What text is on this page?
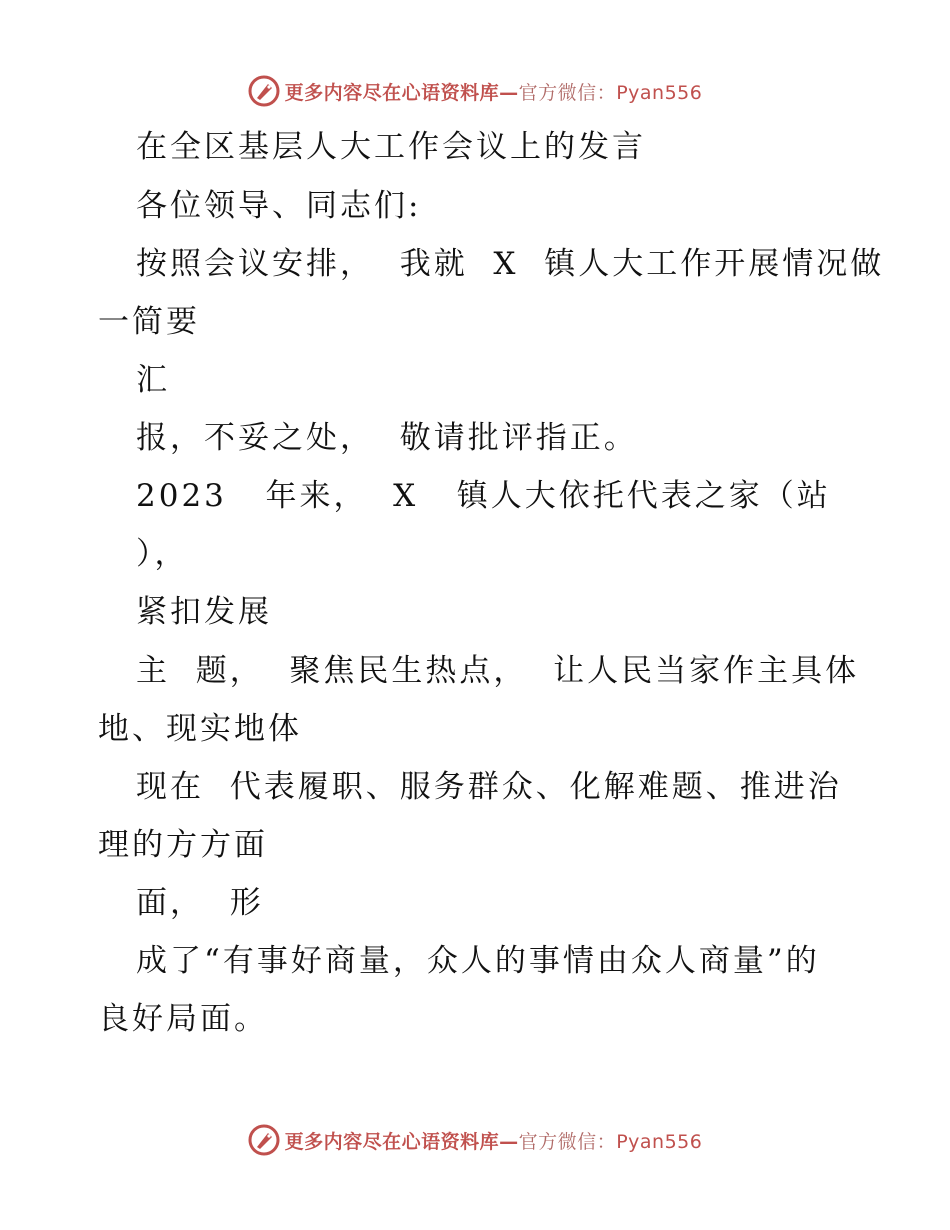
更多内容尽在心语资料库—官方微信：Pyan556
在全区基层人大工作会议上的发言
各位领导、同志们:
按照会议安排，  我就  X  镇人大工作开展情况做
一简要
汇
报，不妥之处，  敬请批评指正。
2023   年来，  X   镇人大依托代表之家（站
），
紧扣发展
主  题，  聚焦民生热点，  让人民当家作主具体
地、现实地体
现在  代表履职、服务群众、化解难题、推进治
理的方方面
面，  形
成了“有事好商量，众人的事情由众人商量”的
良好局面。
更多内容尽在心语资料库—官方微信：Pyan556
